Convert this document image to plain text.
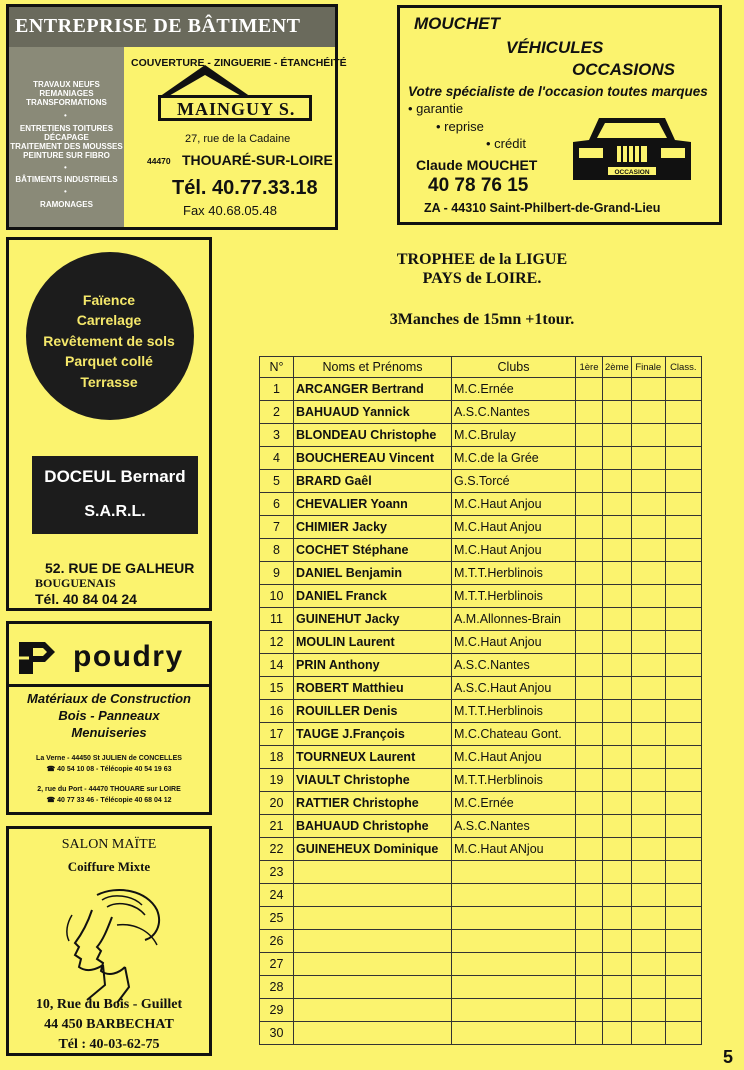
ENTREPRISE DE BÂTIMENT
TRAVAUX NEUFS
REMANIAGES
TRANSFORMATIONS
•
ENTRETIENS TOITURES
DÉCAPAGE
TRAITEMENT DES MOUSSES
PEINTURE SUR FIBRO
•
BÂTIMENTS INDUSTRIELS
•
RAMONAGES
COUVERTURE - ZINGUERIE - ÉTANCHÉITÉ
MAINGUY S.
27, rue de la Cadaine
44470 THOUARÉ-SUR-LOIRE
Tél. 40.77.33.18
Fax 40.68.05.48
MOUCHET
VÉHICULES
OCCASIONS
Votre spécialiste de l'occasion toutes marques
• garantie
• reprise
• crédit
Claude MOUCHET
40 78 76 15
ZA - 44310 Saint-Philbert-de-Grand-Lieu
OCCASION
Faïence
Carrelage
Revêtement de sols
Parquet collé
Terrasse
DOCEUL Bernard
S.A.R.L.
52. RUE DE GALHEUR
BOUGUENAIS
Tél. 40 84 04 24
poudry
Matériaux de Construction
Bois - Panneaux
Menuiseries
La Verne - 44450 St JULIEN de CONCELLES
☎ 40 54 10 08 - Télécopie 40 54 19 63
2, rue du Port - 44470 THOUARE sur LOIRE
☎ 40 77 33 46 - Télécopie 40 68 04 12
SALON MAÏTE
Coiffure Mixte
10, Rue du Bois - Guillet
44 450 BARBECHAT
Tél : 40-03-62-75
TROPHEE de la LIGUE
PAYS de LOIRE.
3Manches de 15mn +1tour.
N°	Noms et Prénoms	Clubs	1ère	2ème	Finale	Class.
1	ARCANGER Bertrand	M.C.Ernée				
2	BAHUAUD Yannick	A.S.C.Nantes				
3	BLONDEAU Christophe	M.C.Brulay				
4	BOUCHEREAU Vincent	M.C.de la Grée				
5	BRARD Gaêl	G.S.Torcé				
6	CHEVALIER Yoann	M.C.Haut Anjou				
7	CHIMIER Jacky	M.C.Haut Anjou				
8	COCHET Stéphane	M.C.Haut Anjou				
9	DANIEL Benjamin	M.T.T.Herblinois				
10	DANIEL Franck	M.T.T.Herblinois				
11	GUINEHUT Jacky	A.M.Allonnes-Brain				
12	MOULIN Laurent	M.C.Haut Anjou				
14	PRIN Anthony	A.S.C.Nantes				
15	ROBERT Matthieu	A.S.C.Haut Anjou				
16	ROUILLER Denis	M.T.T.Herblinois				
17	TAUGE J.François	M.C.Chateau Gont.				
18	TOURNEUX Laurent	M.C.Haut Anjou				
19	VIAULT Christophe	M.T.T.Herblinois				
20	RATTIER Christophe	M.C.Ernée				
21	BAHUAUD Christophe	A.S.C.Nantes				
22	GUINEHEUX Dominique	M.C.Haut ANjou				
23						
24						
25						
26						
27						
28						
29						
30						
5
